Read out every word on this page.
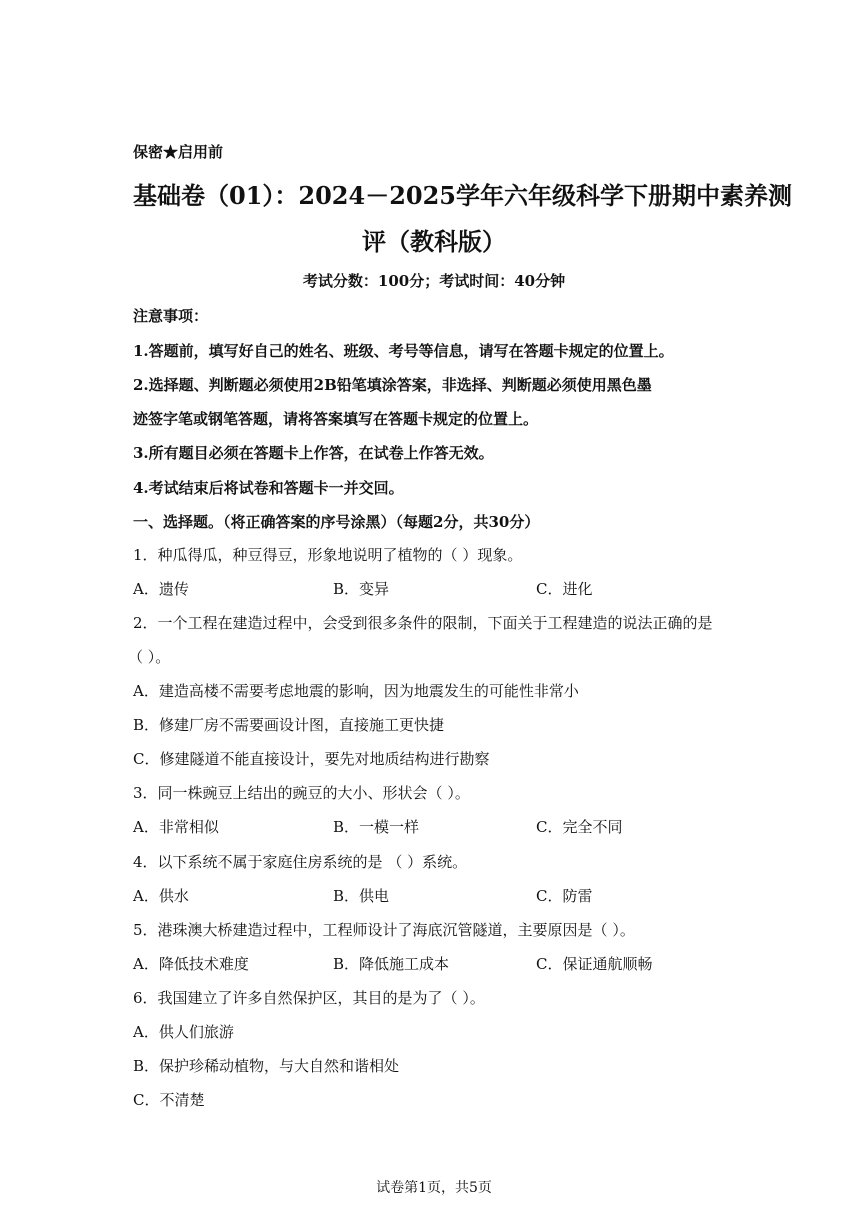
保密★启用前
基础卷（01）：2024－2025学年六年级科学下册期中素养测
评（教科版）
考试分数：100分；考试时间：40分钟
注意事项：
1.答题前，填写好自己的姓名、班级、考号等信息，请写在答题卡规定的位置上。
2.选择题、判断题必须使用2B铅笔填涂答案，非选择、判断题必须使用黑色墨
迹签字笔或钢笔答题，请将答案填写在答题卡规定的位置上。
3.所有题目必须在答题卡上作答，在试卷上作答无效。
4.考试结束后将试卷和答题卡一并交回。
一、选择题。（将正确答案的序号涂黑）（每题2分，共30分）
1．种瓜得瓜，种豆得豆，形象地说明了植物的（ ）现象。
A．遗传	B．变异	C．进化
2．一个工程在建造过程中，会受到很多条件的限制，下面关于工程建造的说法正确的是
（ ）。
A．建造高楼不需要考虑地震的影响，因为地震发生的可能性非常小
B．修建厂房不需要画设计图，直接施工更快捷
C．修建隧道不能直接设计，要先对地质结构进行勘察
3．同一株豌豆上结出的豌豆的大小、形状会（ ）。
A．非常相似	B．一模一样	C．完全不同
4．以下系统不属于家庭住房系统的是 （ ）系统。
A．供水	B．供电	C．防雷
5．港珠澳大桥建造过程中，工程师设计了海底沉管隧道，主要原因是（ ）。
A．降低技术难度	B．降低施工成本	C．保证通航顺畅
6．我国建立了许多自然保护区，其目的是为了（ ）。
A．供人们旅游
B．保护珍稀动植物，与大自然和谐相处
C．不清楚
试卷第1页，共5页
